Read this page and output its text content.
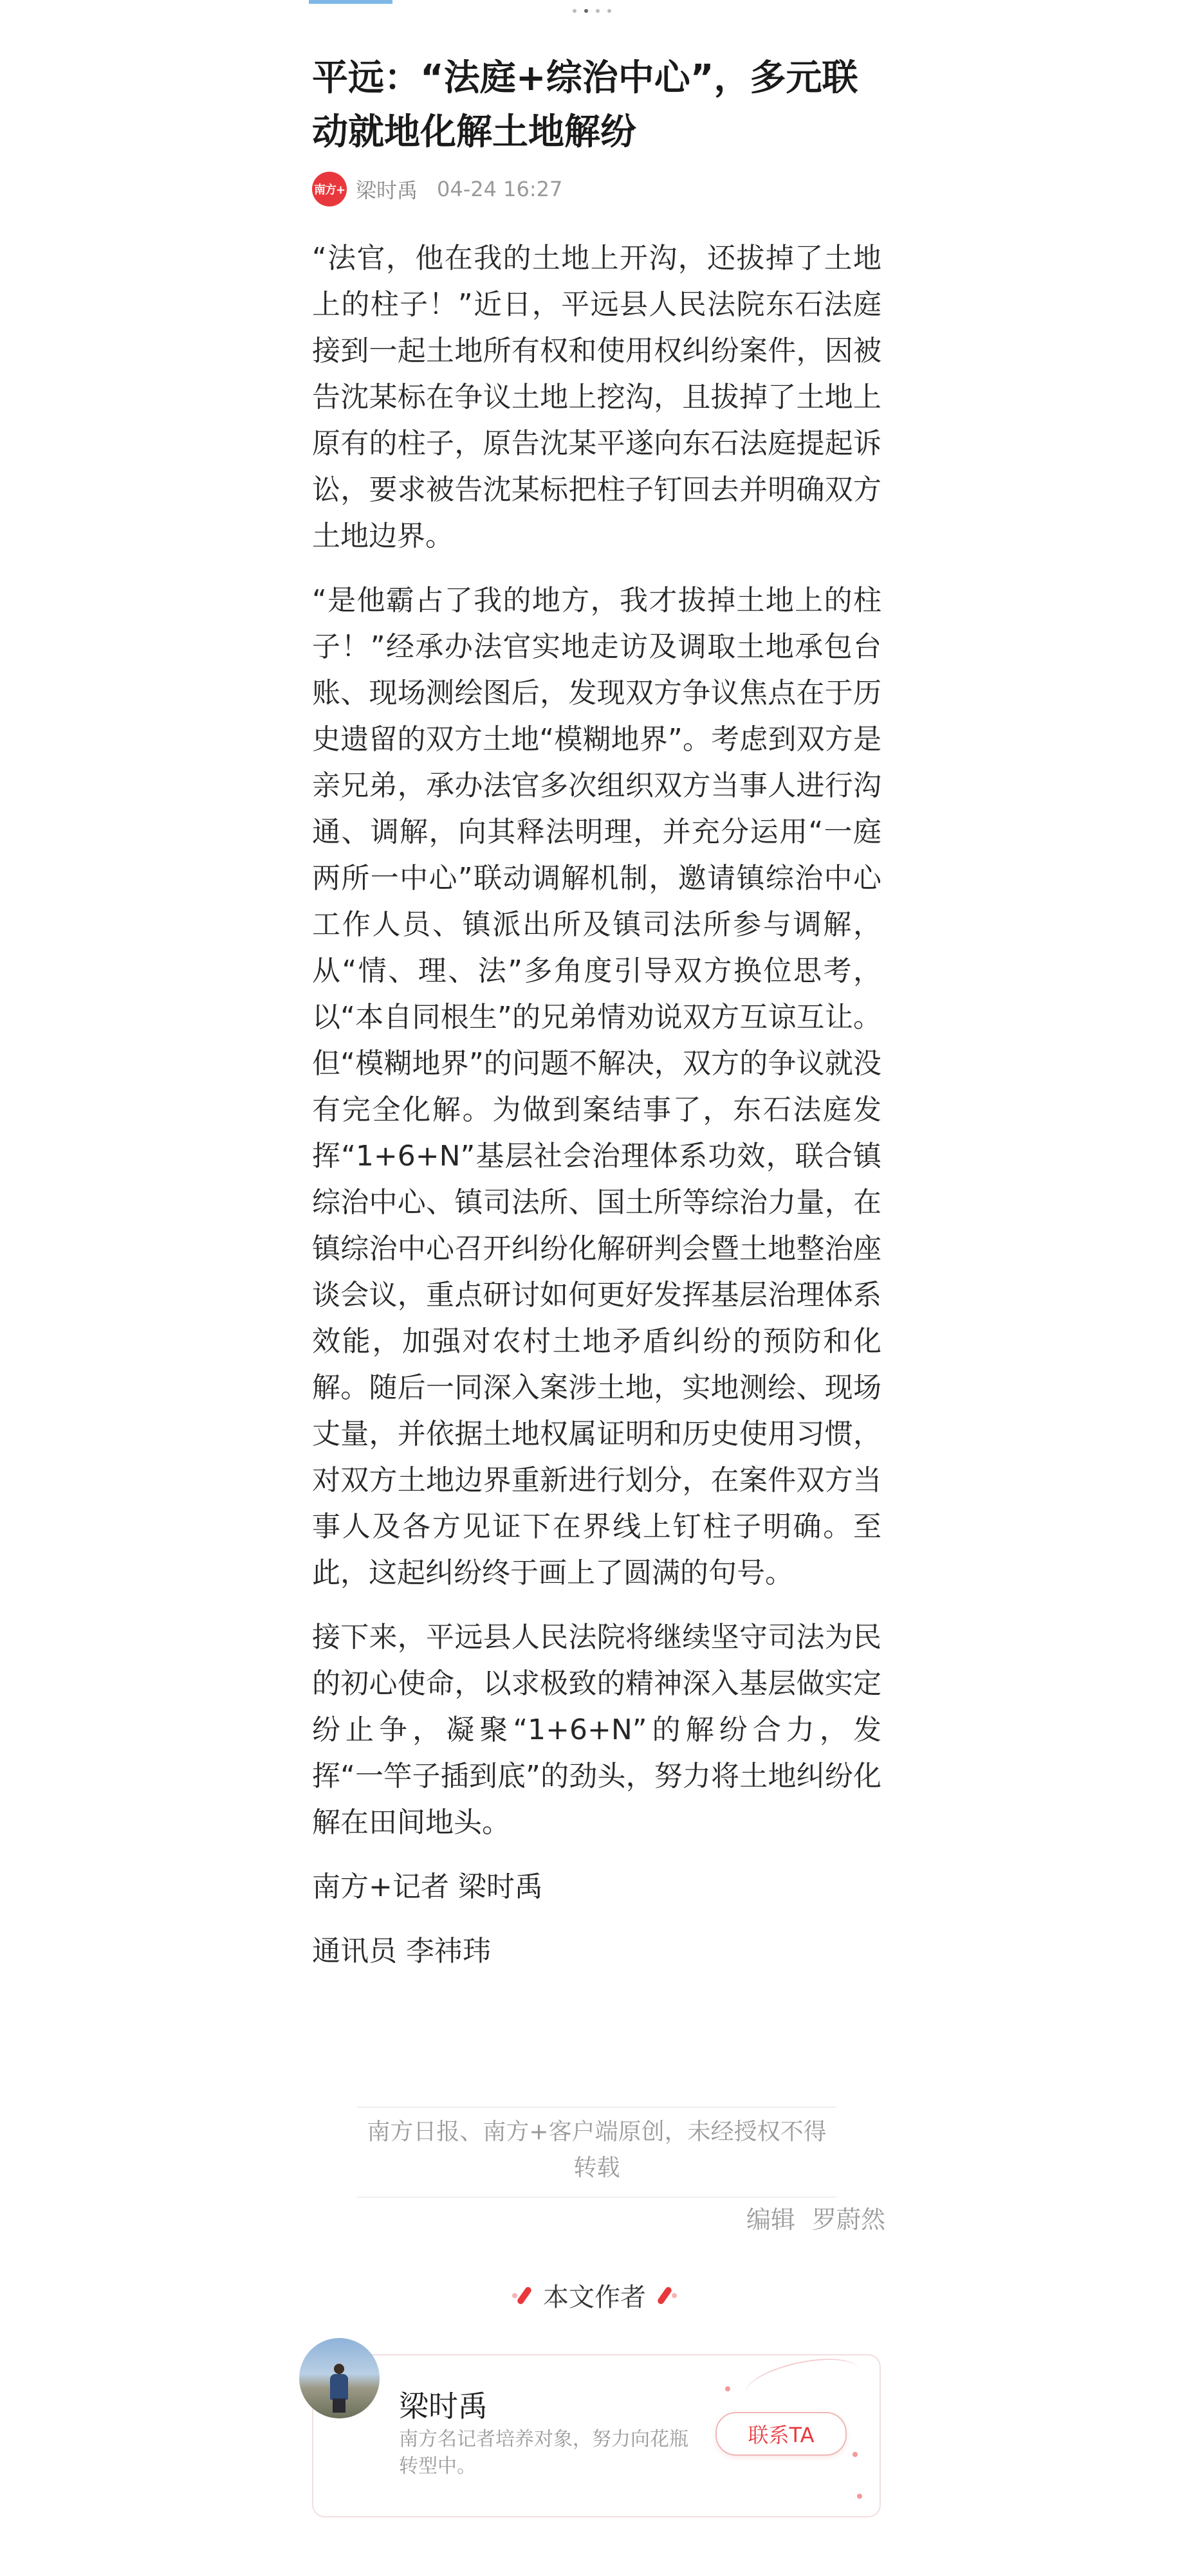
平远：“法庭+综治中心”，多元联动就地化解土地解纷
南方+ 梁时禹 04-24 16:27

“法官，他在我的土地上开沟，还拔掉了土地上的柱子！”近日，平远县人民法院东石法庭接到一起土地所有权和使用权纠纷案件，因被告沈某标在争议土地上挖沟，且拔掉了土地上原有的柱子，原告沈某平遂向东石法庭提起诉讼，要求被告沈某标把柱子钉回去并明确双方土地边界。

“是他霸占了我的地方，我才拔掉土地上的柱子！”经承办法官实地走访及调取土地承包台账、现场测绘图后，发现双方争议焦点在于历史遗留的双方土地“模糊地界”。考虑到双方是亲兄弟，承办法官多次组织双方当事人进行沟通、调解，向其释法明理，并充分运用“一庭两所一中心”联动调解机制，邀请镇综治中心工作人员、镇派出所及镇司法所参与调解，从“情、理、法”多角度引导双方换位思考，以“本自同根生”的兄弟情劝说双方互谅互让。但“模糊地界”的问题不解决，双方的争议就没有完全化解。为做到案结事了，东石法庭发挥“1+6+N”基层社会治理体系功效，联合镇综治中心、镇司法所、国土所等综治力量，在镇综治中心召开纠纷化解研判会暨土地整治座谈会议，重点研讨如何更好发挥基层治理体系效能，加强对农村土地矛盾纠纷的预防和化解。随后一同深入案涉土地，实地测绘、现场丈量，并依据土地权属证明和历史使用习惯，对双方土地边界重新进行划分，在案件双方当事人及各方见证下在界线上钉柱子明确。至此，这起纠纷终于画上了圆满的句号。

接下来，平远县人民法院将继续坚守司法为民的初心使命，以求极致的精神深入基层做实定纷止争，凝聚“1+6+N”的解纷合力，发挥“一竿子插到底”的劲头，努力将土地纠纷化解在田间地头。

南方+记者 梁时禹

通讯员 李祎玮

南方日报、南方+客户端原创，未经授权不得转载
编辑 罗蔚然
本文作者
梁时禹
南方名记者培养对象，努力向花瓶转型中。
联系TA
